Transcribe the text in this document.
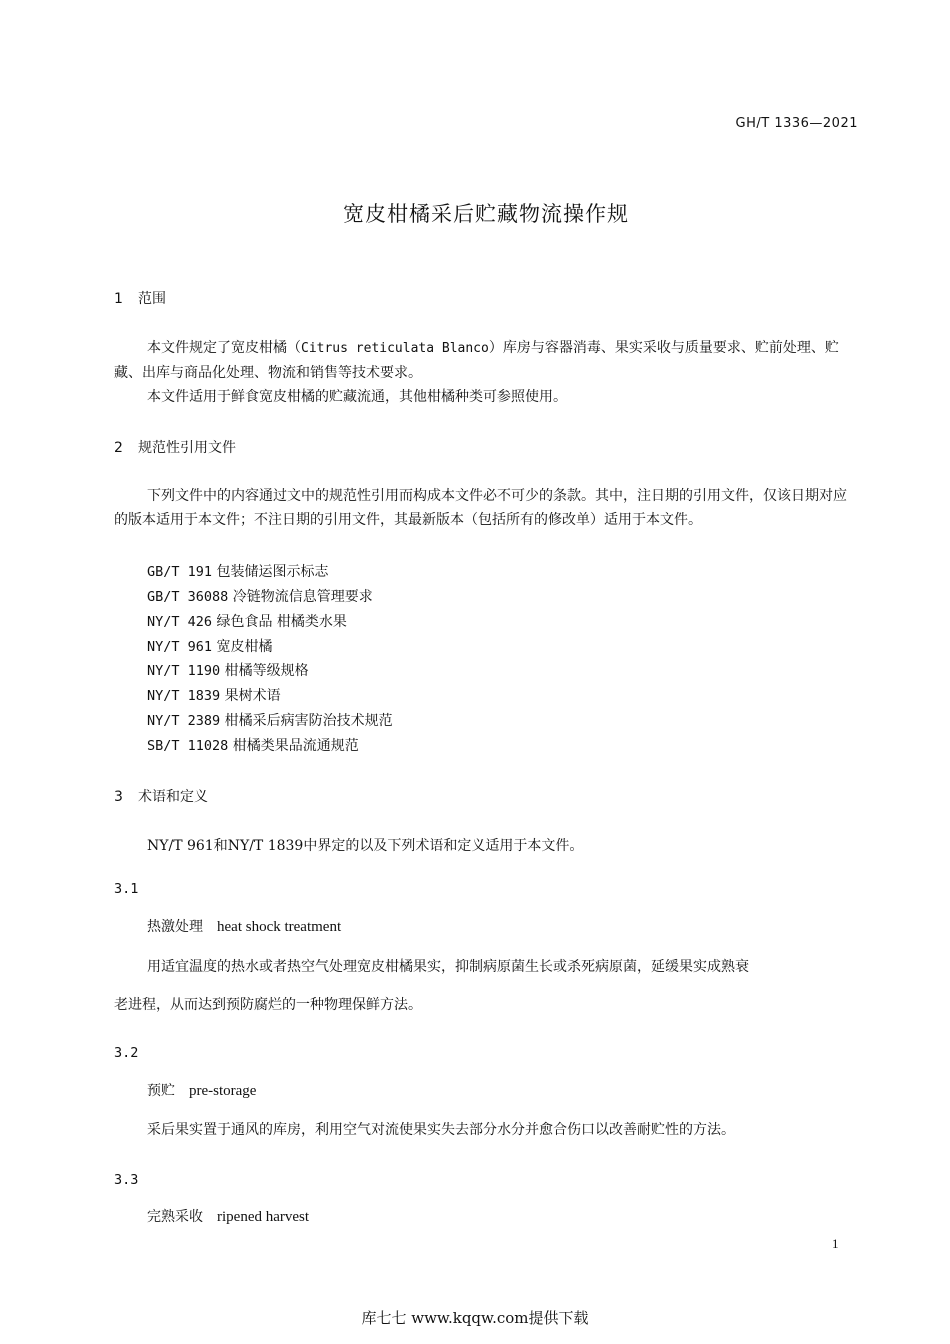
GH/T 1336—2021
宽皮柑橘采后贮藏物流操作规
1 范围
本文件规定了宽皮柑橘（Citrus reticulata Blanco）库房与容器消毒、果实采收与质量要求、贮前处理、贮藏、出库与商品化处理、物流和销售等技术要求。
本文件适用于鲜食宽皮柑橘的贮藏流通，其他柑橘种类可参照使用。
2 规范性引用文件
下列文件中的内容通过文中的规范性引用而构成本文件必不可少的条款。其中，注日期的引用文件，仅该日期对应的版本适用于本文件；不注日期的引用文件，其最新版本（包括所有的修改单）适用于本文件。
GB/T 191 包装储运图示标志
GB/T 36088 冷链物流信息管理要求
NY/T 426 绿色食品 柑橘类水果
NY/T 961 宽皮柑橘
NY/T 1190 柑橘等级规格
NY/T 1839 果树术语
NY/T 2389 柑橘采后病害防治技术规范
SB/T 11028 柑橘类果品流通规范
3 术语和定义
NY/T 961和NY/T 1839中界定的以及下列术语和定义适用于本文件。
3.1
热激处理 heat shock treatment
用适宜温度的热水或者热空气处理宽皮柑橘果实，抑制病原菌生长或杀死病原菌，延缓果实成熟衰
老进程，从而达到预防腐烂的一种物理保鲜方法。
3.2
预贮 pre-storage
采后果实置于通风的库房，利用空气对流使果实失去部分水分并愈合伤口以改善耐贮性的方法。
3.3
完熟采收 ripened harvest
1
库七七 www.kqqw.com提供下载
